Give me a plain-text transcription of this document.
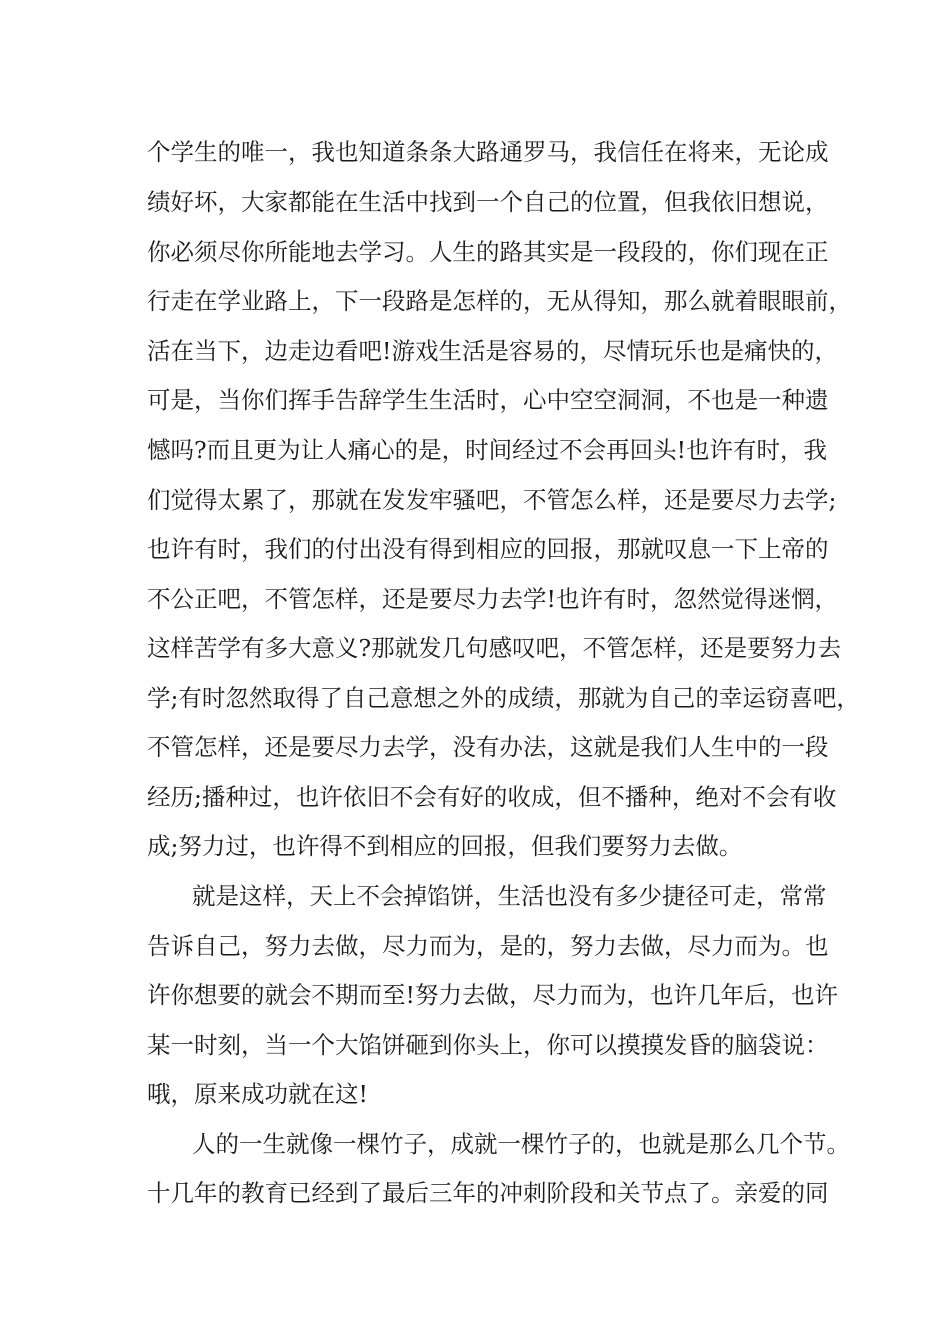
个学生的唯一，我也知道条条大路通罗马，我信任在将来，无论成
绩好坏，大家都能在生活中找到一个自己的位置，但我依旧想说，
你必须尽你所能地去学习。人生的路其实是一段段的，你们现在正
行走在学业路上，下一段路是怎样的，无从得知，那么就着眼眼前，
活在当下，边走边看吧!游戏生活是容易的，尽情玩乐也是痛快的，
可是，当你们挥手告辞学生生活时，心中空空洞洞，不也是一种遗
憾吗?而且更为让人痛心的是，时间经过不会再回头!也许有时，我
们觉得太累了，那就在发发牢骚吧，不管怎么样，还是要尽力去学;
也许有时，我们的付出没有得到相应的回报，那就叹息一下上帝的
不公正吧，不管怎样，还是要尽力去学!也许有时，忽然觉得迷惘，
这样苦学有多大意义?那就发几句感叹吧，不管怎样，还是要努力去
学;有时忽然取得了自己意想之外的成绩，那就为自己的幸运窃喜吧，
不管怎样，还是要尽力去学，没有办法，这就是我们人生中的一段
经历;播种过，也许依旧不会有好的收成，但不播种，绝对不会有收
成;努力过，也许得不到相应的回报，但我们要努力去做。
就是这样，天上不会掉馅饼，生活也没有多少捷径可走，常常
告诉自己，努力去做，尽力而为，是的，努力去做，尽力而为。也
许你想要的就会不期而至!努力去做，尽力而为，也许几年后，也许
某一时刻，当一个大馅饼砸到你头上，你可以摸摸发昏的脑袋说：
哦，原来成功就在这!
人的一生就像一棵竹子，成就一棵竹子的，也就是那么几个节。
十几年的教育已经到了最后三年的冲刺阶段和关节点了。亲爱的同
